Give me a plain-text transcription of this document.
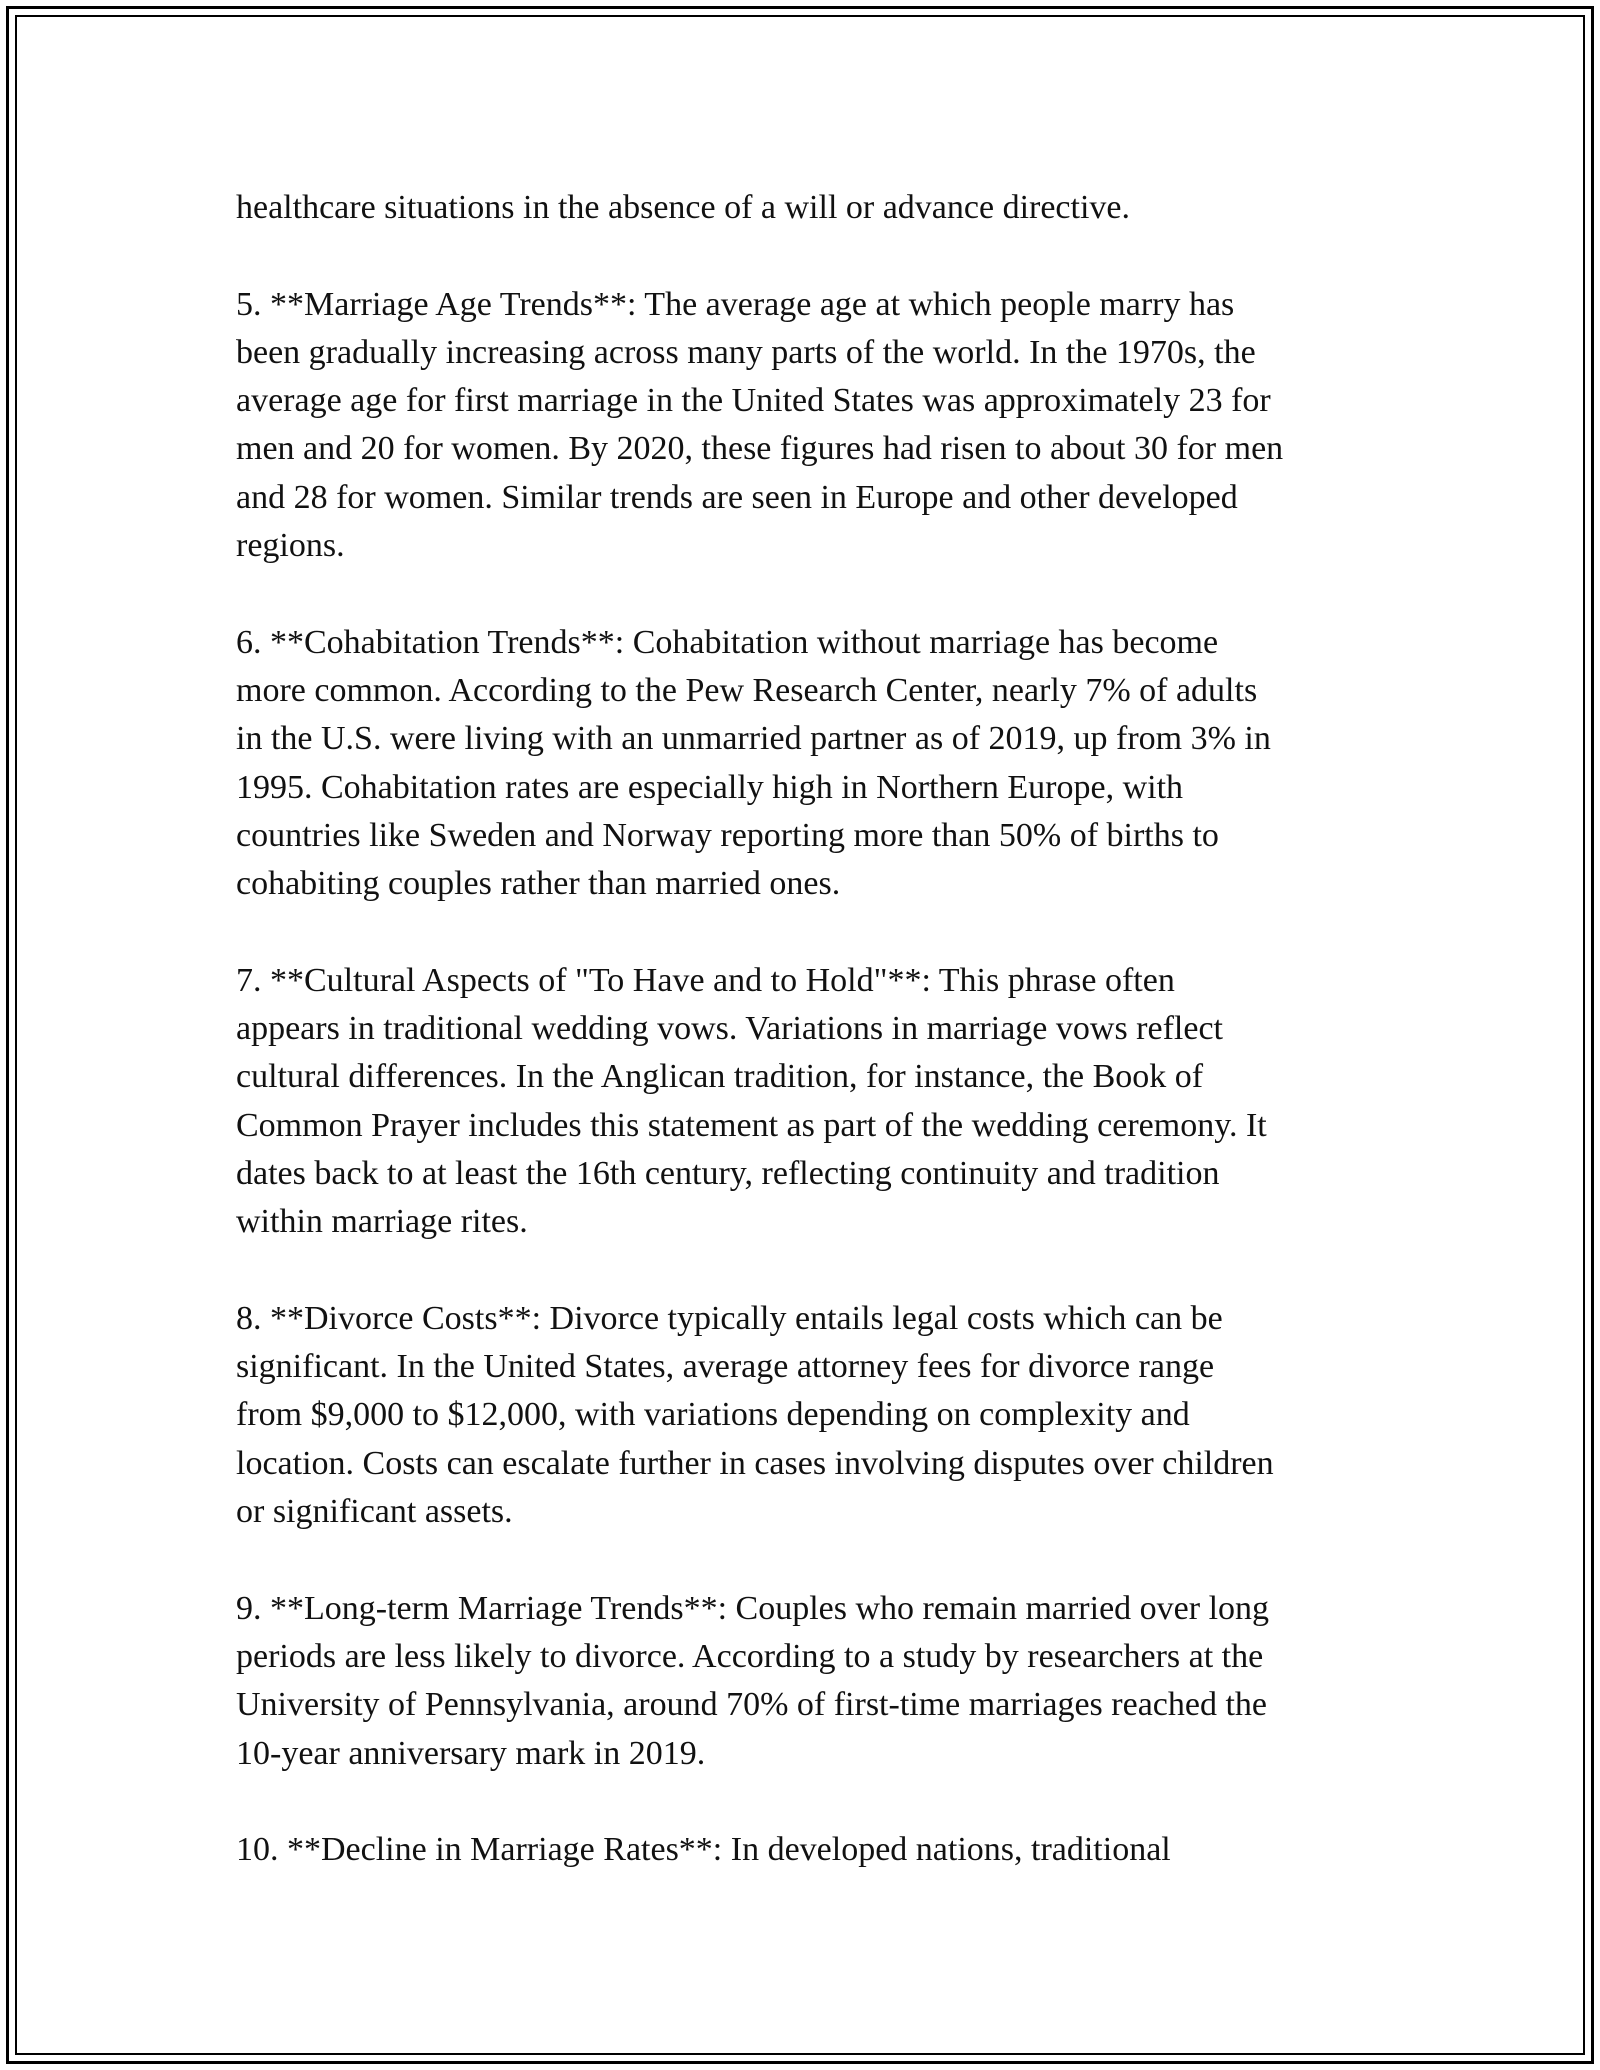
healthcare situations in the absence of a will or advance directive.

5. **Marriage Age Trends**: The average age at which people marry has
been gradually increasing across many parts of the world. In the 1970s, the
average age for first marriage in the United States was approximately 23 for
men and 20 for women. By 2020, these figures had risen to about 30 for men
and 28 for women. Similar trends are seen in Europe and other developed
regions.

6. **Cohabitation Trends**: Cohabitation without marriage has become
more common. According to the Pew Research Center, nearly 7% of adults
in the U.S. were living with an unmarried partner as of 2019, up from 3% in
1995. Cohabitation rates are especially high in Northern Europe, with
countries like Sweden and Norway reporting more than 50% of births to
cohabiting couples rather than married ones.

7. **Cultural Aspects of "To Have and to Hold"**: This phrase often
appears in traditional wedding vows. Variations in marriage vows reflect
cultural differences. In the Anglican tradition, for instance, the Book of
Common Prayer includes this statement as part of the wedding ceremony. It
dates back to at least the 16th century, reflecting continuity and tradition
within marriage rites.

8. **Divorce Costs**: Divorce typically entails legal costs which can be
significant. In the United States, average attorney fees for divorce range
from $9,000 to $12,000, with variations depending on complexity and
location. Costs can escalate further in cases involving disputes over children
or significant assets.

9. **Long-term Marriage Trends**: Couples who remain married over long
periods are less likely to divorce. According to a study by researchers at the
University of Pennsylvania, around 70% of first-time marriages reached the
10-year anniversary mark in 2019.

10. **Decline in Marriage Rates**: In developed nations, traditional
